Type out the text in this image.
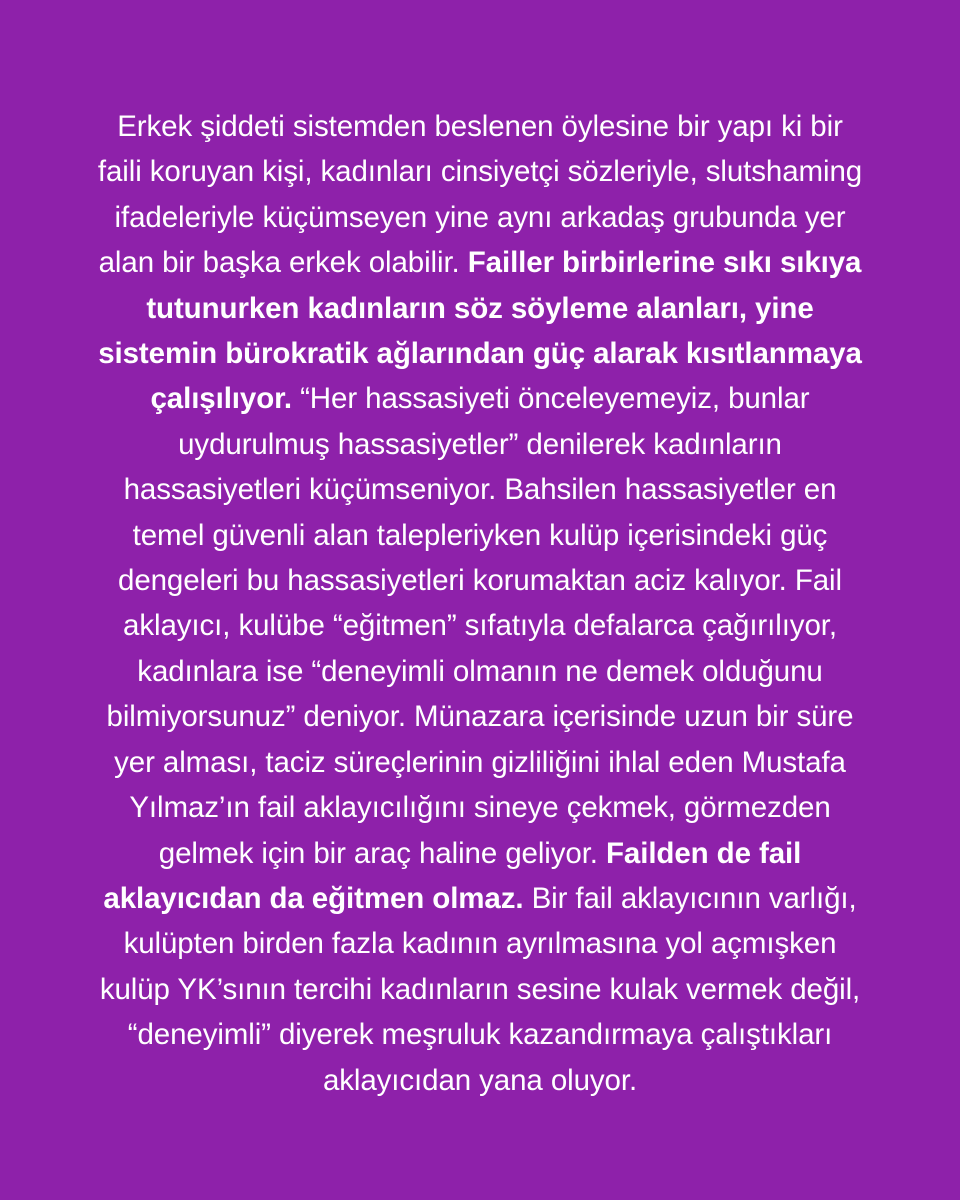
Erkek şiddeti sistemden beslenen öylesine bir yapı ki bir
faili koruyan kişi, kadınları cinsiyetçi sözleriyle, slutshaming
ifadeleriyle küçümseyen yine aynı arkadaş grubunda yer
alan bir başka erkek olabilir. Failler birbirlerine sıkı sıkıya
tutunurken kadınların söz söyleme alanları, yine
sistemin bürokratik ağlarından güç alarak kısıtlanmaya
çalışılıyor. “Her hassasiyeti önceleyemeyiz, bunlar
uydurulmuş hassasiyetler” denilerek kadınların
hassasiyetleri küçümseniyor. Bahsilen hassasiyetler en
temel güvenli alan talepleriyken kulüp içerisindeki güç
dengeleri bu hassasiyetleri korumaktan aciz kalıyor. Fail
aklayıcı, kulübe “eğitmen” sıfatıyla defalarca çağırılıyor,
kadınlara ise “deneyimli olmanın ne demek olduğunu
bilmiyorsunuz” deniyor. Münazara içerisinde uzun bir süre
yer alması, taciz süreçlerinin gizliliğini ihlal eden Mustafa
Yılmaz’ın fail aklayıcılığını sineye çekmek, görmezden
gelmek için bir araç haline geliyor. Failden de fail
aklayıcıdan da eğitmen olmaz. Bir fail aklayıcının varlığı,
kulüpten birden fazla kadının ayrılmasına yol açmışken
kulüp YK’sının tercihi kadınların sesine kulak vermek değil,
“deneyimli” diyerek meşruluk kazandırmaya çalıştıkları
aklayıcıdan yana oluyor.
